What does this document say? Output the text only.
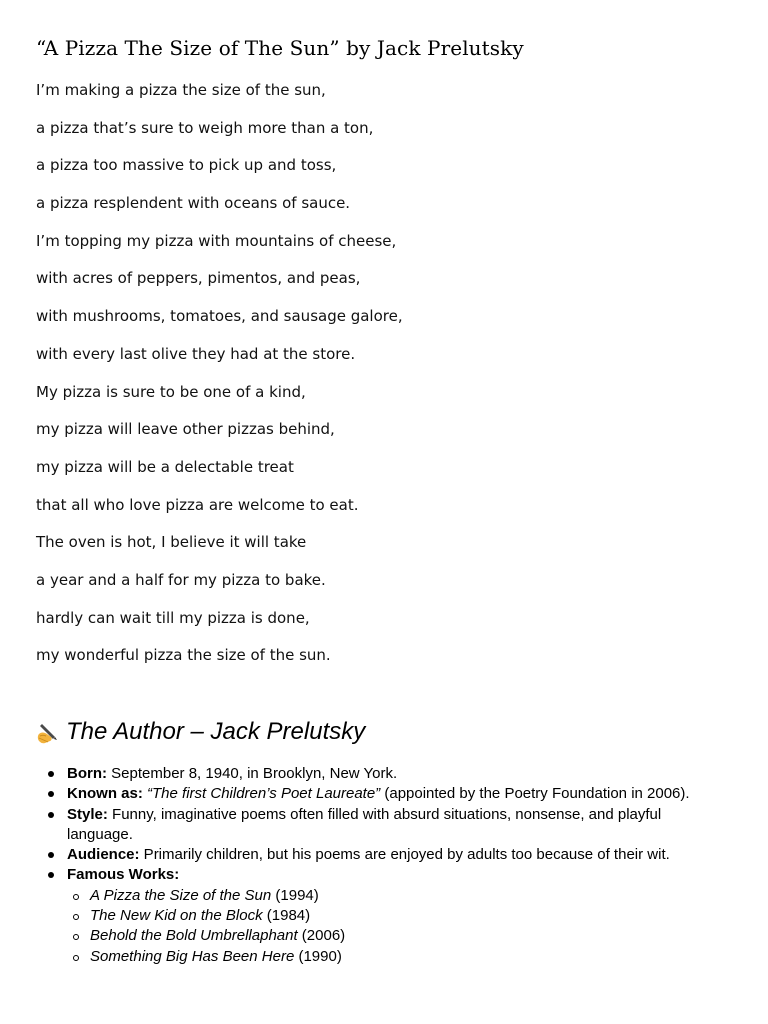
“A Pizza The Size of The Sun” by Jack Prelutsky
I’m making a pizza the size of the sun,
a pizza that’s sure to weigh more than a ton,
a pizza too massive to pick up and toss,
a pizza resplendent with oceans of sauce.
I’m topping my pizza with mountains of cheese,
with acres of peppers, pimentos, and peas,
with mushrooms, tomatoes, and sausage galore,
with every last olive they had at the store.
My pizza is sure to be one of a kind,
my pizza will leave other pizzas behind,
my pizza will be a delectable treat
that all who love pizza are welcome to eat.
The oven is hot, I believe it will take
a year and a half for my pizza to bake.
hardly can wait till my pizza is done,
my wonderful pizza the size of the sun.
The Author – Jack Prelutsky
Born: September 8, 1940, in Brooklyn, New York.
Known as: “The first Children’s Poet Laureate” (appointed by the Poetry Foundation in 2006).
Style: Funny, imaginative poems often filled with absurd situations, nonsense, and playful language.
Audience: Primarily children, but his poems are enjoyed by adults too because of their wit.
Famous Works:
A Pizza the Size of the Sun (1994)
The New Kid on the Block (1984)
Behold the Bold Umbrellaphant (2006)
Something Big Has Been Here (1990)
